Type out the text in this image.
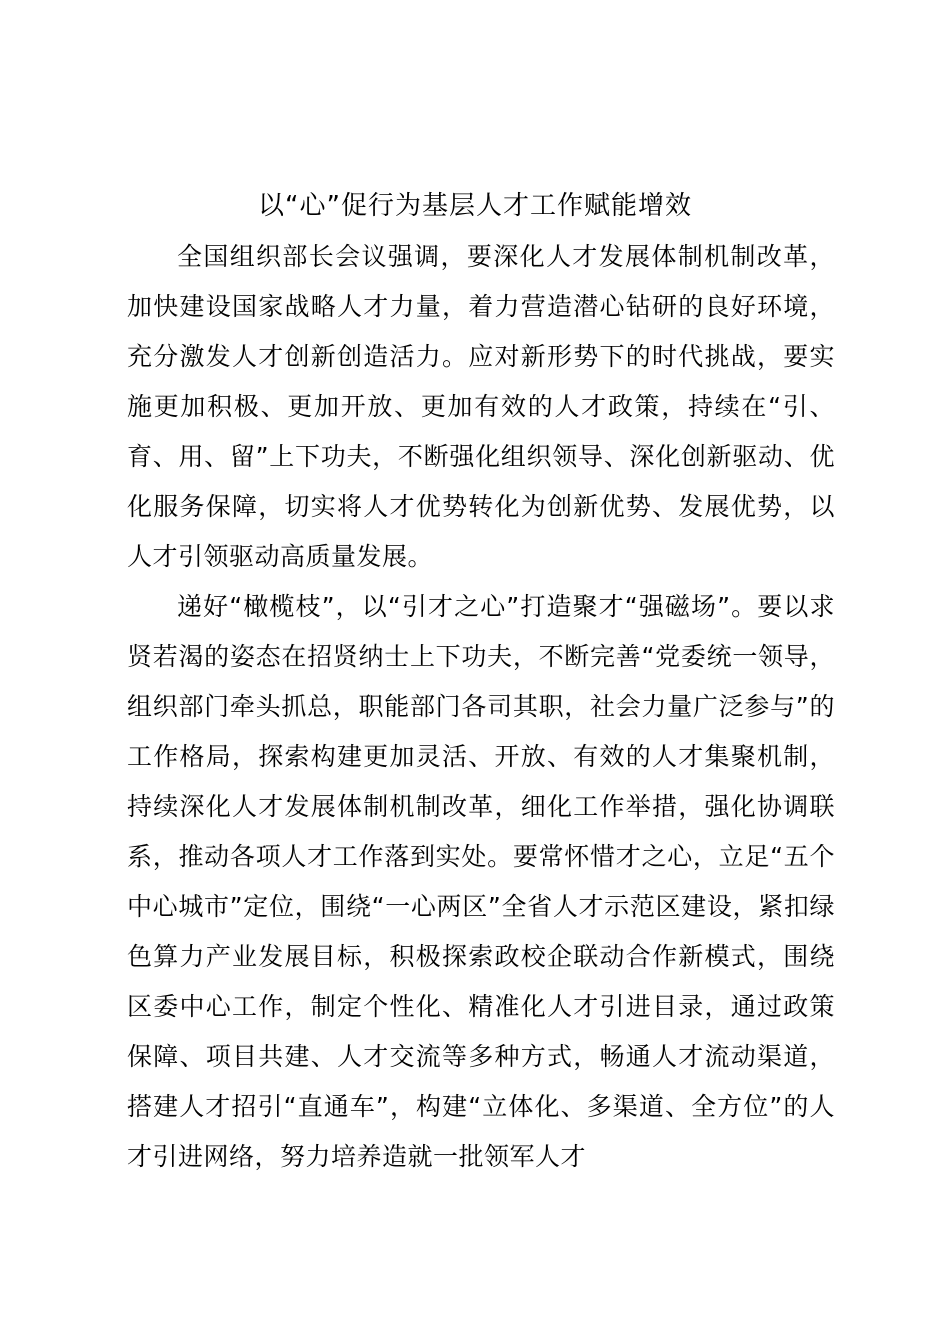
以“心”促行为基层人才工作赋能增效

全国组织部长会议强调，要深化人才发展体制机制改革，加快建设国家战略人才力量，着力营造潜心钻研的良好环境，充分激发人才创新创造活力。应对新形势下的时代挑战，要实施更加积极、更加开放、更加有效的人才政策，持续在“引、育、用、留”上下功夫，不断强化组织领导、深化创新驱动、优化服务保障，切实将人才优势转化为创新优势、发展优势，以人才引领驱动高质量发展。

递好“橄榄枝”，以“引才之心”打造聚才“强磁场”。要以求贤若渴的姿态在招贤纳士上下功夫，不断完善“党委统一领导，组织部门牵头抓总，职能部门各司其职，社会力量广泛参与”的工作格局，探索构建更加灵活、开放、有效的人才集聚机制，持续深化人才发展体制机制改革，细化工作举措，强化协调联系，推动各项人才工作落到实处。要常怀惜才之心，立足“五个中心城市”定位，围绕“一心两区”全省人才示范区建设，紧扣绿色算力产业发展目标，积极探索政校企联动合作新模式，围绕区委中心工作，制定个性化、精准化人才引进目录，通过政策保障、项目共建、人才交流等多种方式，畅通人才流动渠道，搭建人才招引“直通车”，构建“立体化、多渠道、全方位”的人才引进网络，努力培养造就一批领军人才
